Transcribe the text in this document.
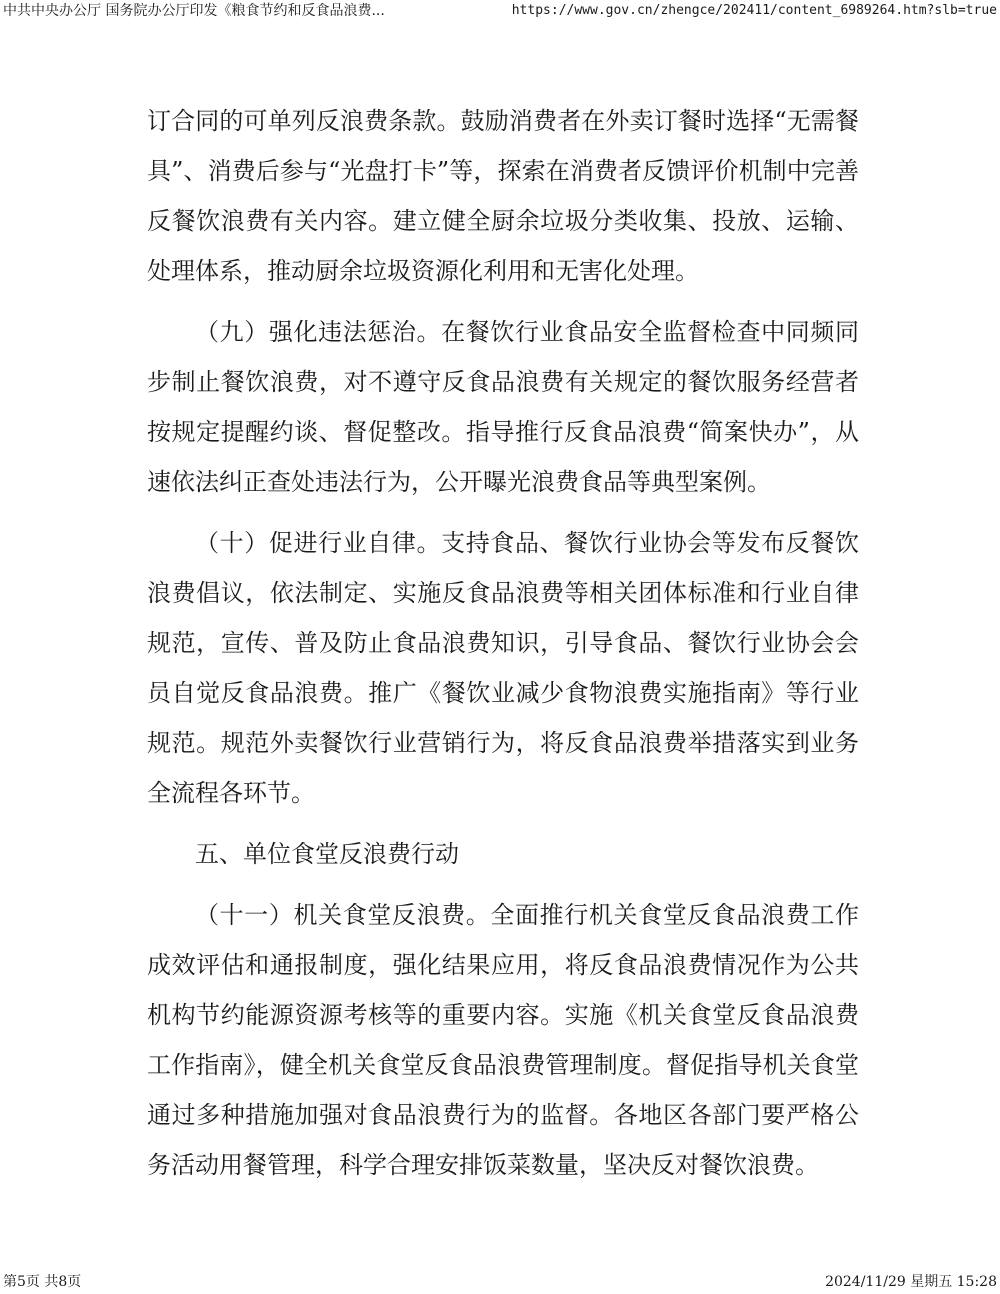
中共中央办公厅 国务院办公厅印发《粮食节约和反食品浪费...	https://www.gov.cn/zhengce/202411/content_6989264.htm?slb=true

订合同的可单列反浪费条款。鼓励消费者在外卖订餐时选择“无需餐具”、消费后参与“光盘打卡”等，探索在消费者反馈评价机制中完善反餐饮浪费有关内容。建立健全厨余垃圾分类收集、投放、运输、处理体系，推动厨余垃圾资源化利用和无害化处理。

（九）强化违法惩治。在餐饮行业食品安全监督检查中同频同步制止餐饮浪费，对不遵守反食品浪费有关规定的餐饮服务经营者按规定提醒约谈、督促整改。指导推行反食品浪费“简案快办”，从速依法纠正查处违法行为，公开曝光浪费食品等典型案例。

（十）促进行业自律。支持食品、餐饮行业协会等发布反餐饮浪费倡议，依法制定、实施反食品浪费等相关团体标准和行业自律规范，宣传、普及防止食品浪费知识，引导食品、餐饮行业协会会员自觉反食品浪费。推广《餐饮业减少食物浪费实施指南》等行业规范。规范外卖餐饮行业营销行为，将反食品浪费举措落实到业务全流程各环节。

五、单位食堂反浪费行动

（十一）机关食堂反浪费。全面推行机关食堂反食品浪费工作成效评估和通报制度，强化结果应用，将反食品浪费情况作为公共机构节约能源资源考核等的重要内容。实施《机关食堂反食品浪费工作指南》，健全机关食堂反食品浪费管理制度。督促指导机关食堂通过多种措施加强对食品浪费行为的监督。各地区各部门要严格公务活动用餐管理，科学合理安排饭菜数量，坚决反对餐饮浪费。

第5页 共8页	2024/11/29 星期五 15:28
